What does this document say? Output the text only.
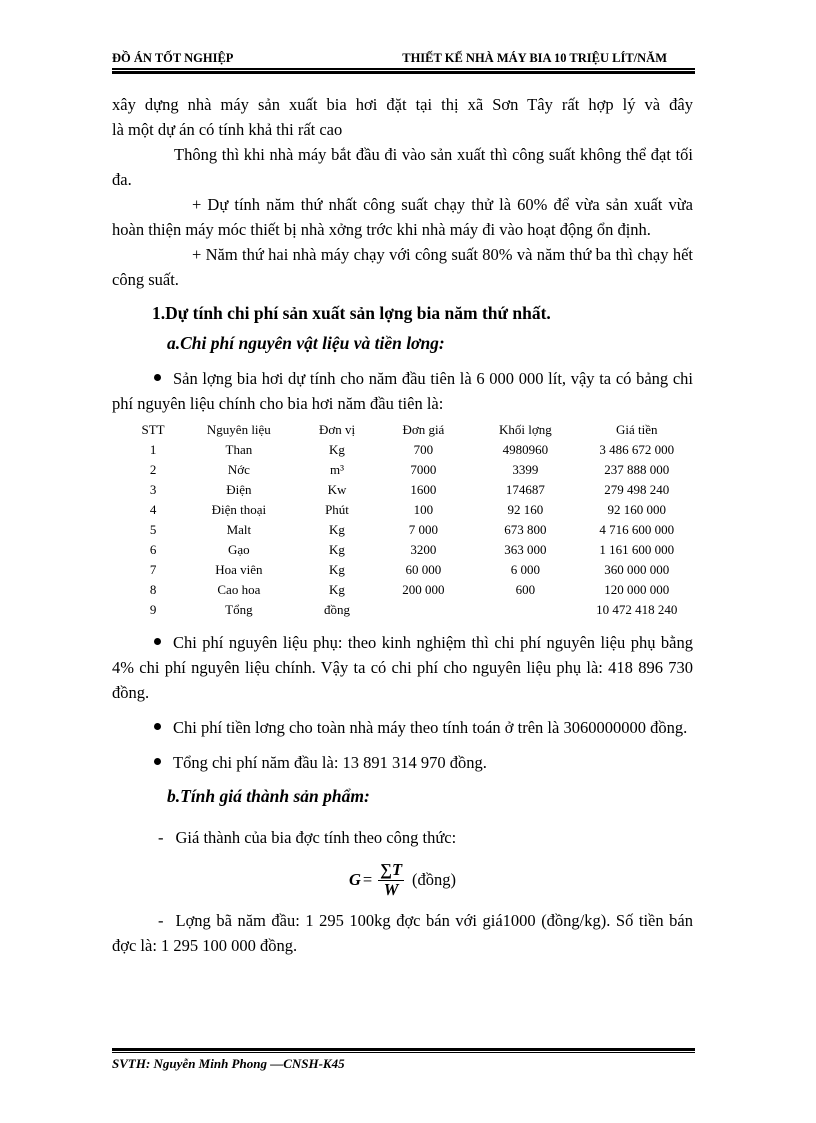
ĐỒ ÁN TỐT NGHIỆP	THIẾT KẾ NHÀ MÁY BIA 10 TRIỆU LÍT/NĂM

xây dựng nhà máy sản xuất bia hơi đặt tại thị xã Sơn Tây rất hợp lý và đây

là một dự án có tính khả thi rất cao

Thông thì khi nhà máy bắt đầu đi vào sản xuất thì công suất không thể đạt tối đa.

+ Dự tính năm thứ nhất công suất chạy thử là 60% để vừa sản xuất vừa hoàn thiện máy móc thiết bị nhà xởng trớc khi nhà máy đi vào hoạt động ổn định.

+ Năm thứ hai nhà máy chạy với công suất 80% và năm thứ ba thì chạy hết công suất.

1.Dự tính chi phí sản xuất sản lợng bia năm thứ nhất.
a.Chi phí nguyên vật liệu và tiền lơng:

Sản lợng bia hơi dự tính cho năm đầu tiên là 6 000 000 lít, vậy ta có bảng chi phí nguyên liệu chính cho bia hơi năm đầu tiên là:

STT	Nguyên liệu	Đơn vị	Đơn giá	Khối lợng	Giá tiền
1	Than	Kg	700	4980960	3 486 672 000
2	Nớc	m³	7000	3399	237 888 000
3	Điện	Kw	1600	174687	279 498 240
4	Điện thoại	Phút	100	92 160	92 160 000
5	Malt	Kg	7 000	673 800	4 716 600 000
6	Gạo	Kg	3200	363 000	1 161 600 000
7	Hoa viên	Kg	60 000	6 000	360 000 000
8	Cao hoa	Kg	200 000	600	120 000 000
9	Tổng	đồng			10 472 418 240

Chi phí nguyên liệu phụ: theo kinh nghiệm thì chi phí nguyên liệu phụ bằng 4% chi phí nguyên liệu chính. Vậy ta có chi phí cho nguyên liệu phụ là: 418 896 730 đồng.

Chi phí tiền lơng cho toàn nhà máy theo tính toán ở trên là 3060000000 đồng.

Tổng chi phí năm đầu là: 13 891 314 970 đồng.

b.Tính giá thành sản phẩm:

- Giá thành của bia đợc tính theo công thức:

$G = \frac{\sum T}{W}$ (đồng)

- Lợng bã năm đầu: 1 295 100kg đợc bán với giá1000 (đồng/kg). Số tiền bán đợc là: 1 295 100 000 đồng.

SVTH: Nguyễn Minh Phong —CNSH-K45
